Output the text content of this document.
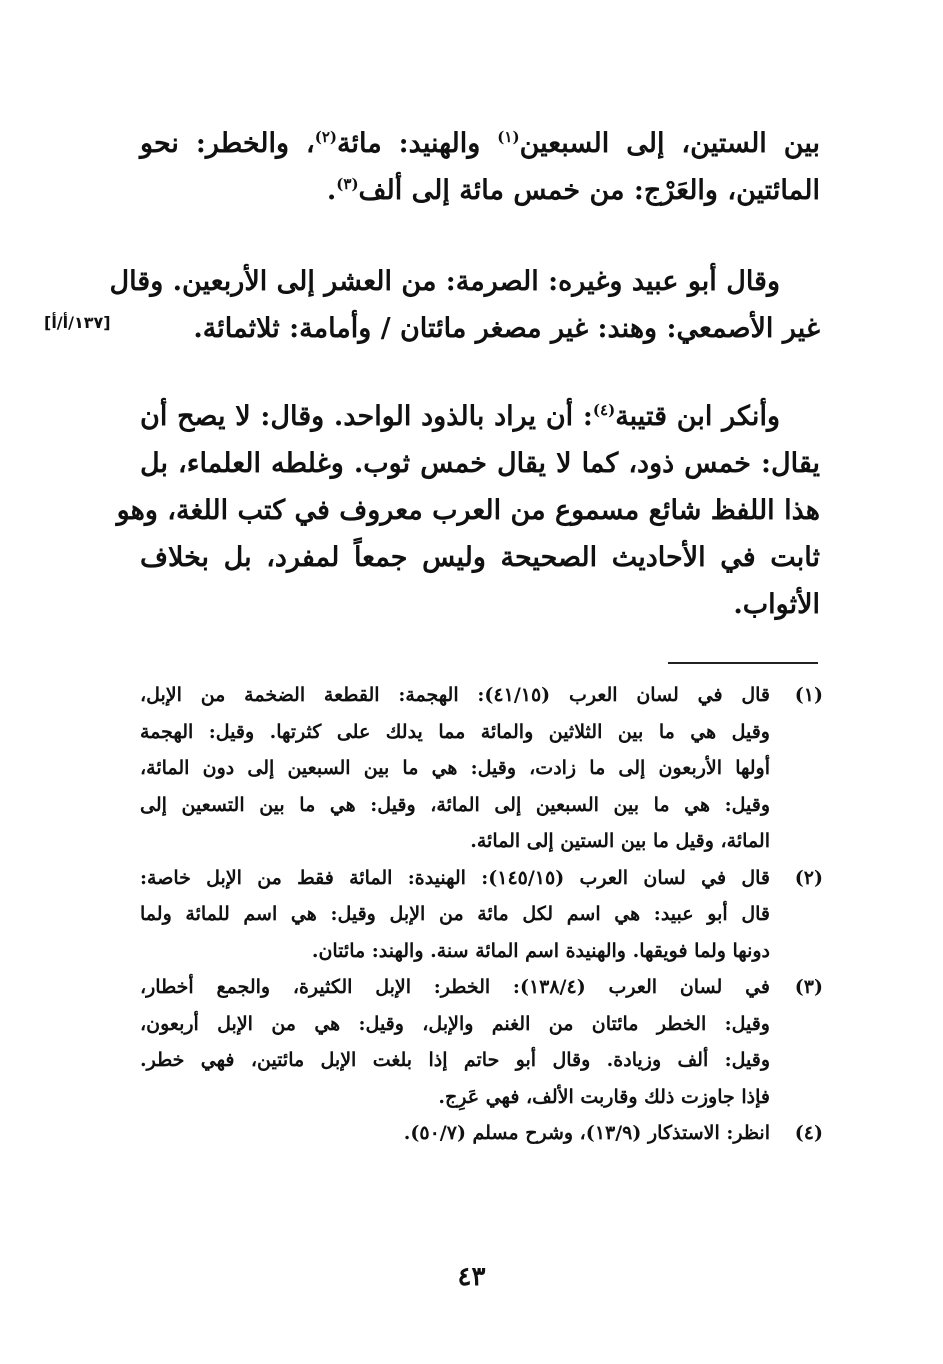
بين الستين، إلى السبعين$^{(١)}$ والهنيد: مائة$^{(٢)}$، والخطر: نحو
المائتين، والعَرْج: من خمس مائة إلى ألف$^{(٣)}$.
وقال أبو عبيد وغيره: الصرمة: من العشر إلى الأربعين. وقال
غير الأصمعي: وهند: غير مصغر مائتان / وأمامة: ثلاثمائة.
[١٣٧/أ/أ]
وأنكر ابن قتيبة$^{(٤)}$: أن يراد بالذود الواحد. وقال: لا يصح أن
يقال: خمس ذود، كما لا يقال خمس ثوب. وغلطه العلماء، بل
هذا اللفظ شائع مسموع من العرب معروف في كتب اللغة، وهو
ثابت في الأحاديث الصحيحة وليس جمعاً لمفرد، بل بخلاف
الأثواب.
(١)
قال في لسان العرب (٤١/١٥): الهجمة: القطعة الضخمة من الإبل،
وقيل هي ما بين الثلاثين والمائة مما يدلك على كثرتها. وقيل: الهجمة
أولها الأربعون إلى ما زادت، وقيل: هي ما بين السبعين إلى دون المائة،
وقيل: هي ما بين السبعين إلى المائة، وقيل: هي ما بين التسعين إلى
المائة، وقيل ما بين الستين إلى المائة.
(٢)
قال في لسان العرب (١٤٥/١٥): الهنيدة: المائة فقط من الإبل خاصة:
قال أبو عبيد: هي اسم لكل مائة من الإبل وقيل: هي اسم للمائة ولما
دونها ولما فويقها. والهنيدة اسم المائة سنة. والهند: مائتان.
(٣)
في لسان العرب (١٣٨/٤): الخطر: الإبل الكثيرة، والجمع أخطار،
وقيل: الخطر مائتان من الغنم والإبل، وقيل: هي من الإبل أربعون،
وقيل: ألف وزيادة. وقال أبو حاتم إذا بلغت الإبل مائتين، فهي خطر.
فإذا جاوزت ذلك وقاربت الألف، فهي عَرِج.
(٤)
انظر: الاستذكار (١٣/٩)، وشرح مسلم (٥٠/٧).
٤٣
